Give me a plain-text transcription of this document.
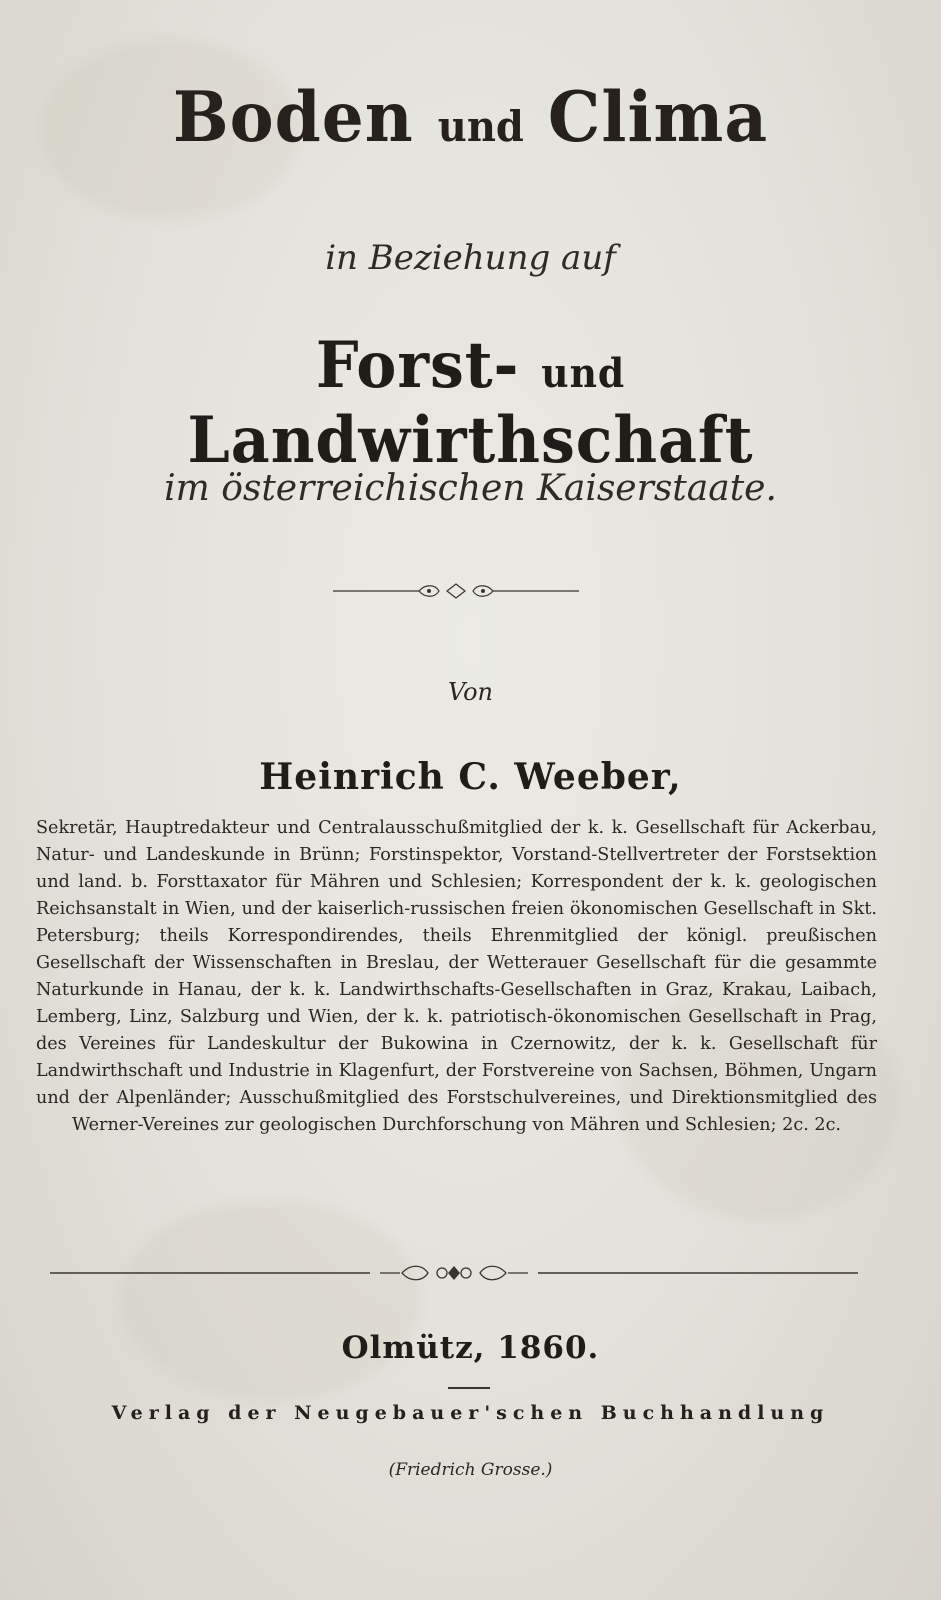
Boden und Clima
in Beziehung auf
Forst- und Landwirthschaft
im österreichischen Kaiserstaate.
Von
Heinrich C. Weeber,
Sekretär, Hauptredakteur und Centralausschußmitglied der k. k. Gesellschaft für Ackerbau, Natur- und Landeskunde in Brünn; Forstinspektor, Vorstand-Stellvertreter der Forstsektion und land. b. Forsttaxator für Mähren und Schlesien; Korrespondent der k. k. geologischen Reichsanstalt in Wien, und der kaiserlich-russischen freien ökonomischen Gesellschaft in Skt. Petersburg; theils Korrespondirendes, theils Ehrenmitglied der königl. preußischen Gesellschaft der Wissenschaften in Breslau, der Wetterauer Gesellschaft für die gesammte Naturkunde in Hanau, der k. k. Landwirthschafts-Gesellschaften in Graz, Krakau, Laibach, Lemberg, Linz, Salzburg und Wien, der k. k. patriotisch-ökonomischen Gesellschaft in Prag, des Vereines für Landeskultur der Bukowina in Czernowitz, der k. k. Gesellschaft für Landwirthschaft und Industrie in Klagenfurt, der Forstvereine von Sachsen, Böhmen, Ungarn und der Alpenländer; Ausschußmitglied des Forstschulvereines, und Direktionsmitglied des Werner-Vereines zur geologischen Durchforschung von Mähren und Schlesien; 2c. 2c.
Olmütz, 1860.
Verlag der Neugebauer'schen Buchhandlung
(Friedrich Grosse.)
